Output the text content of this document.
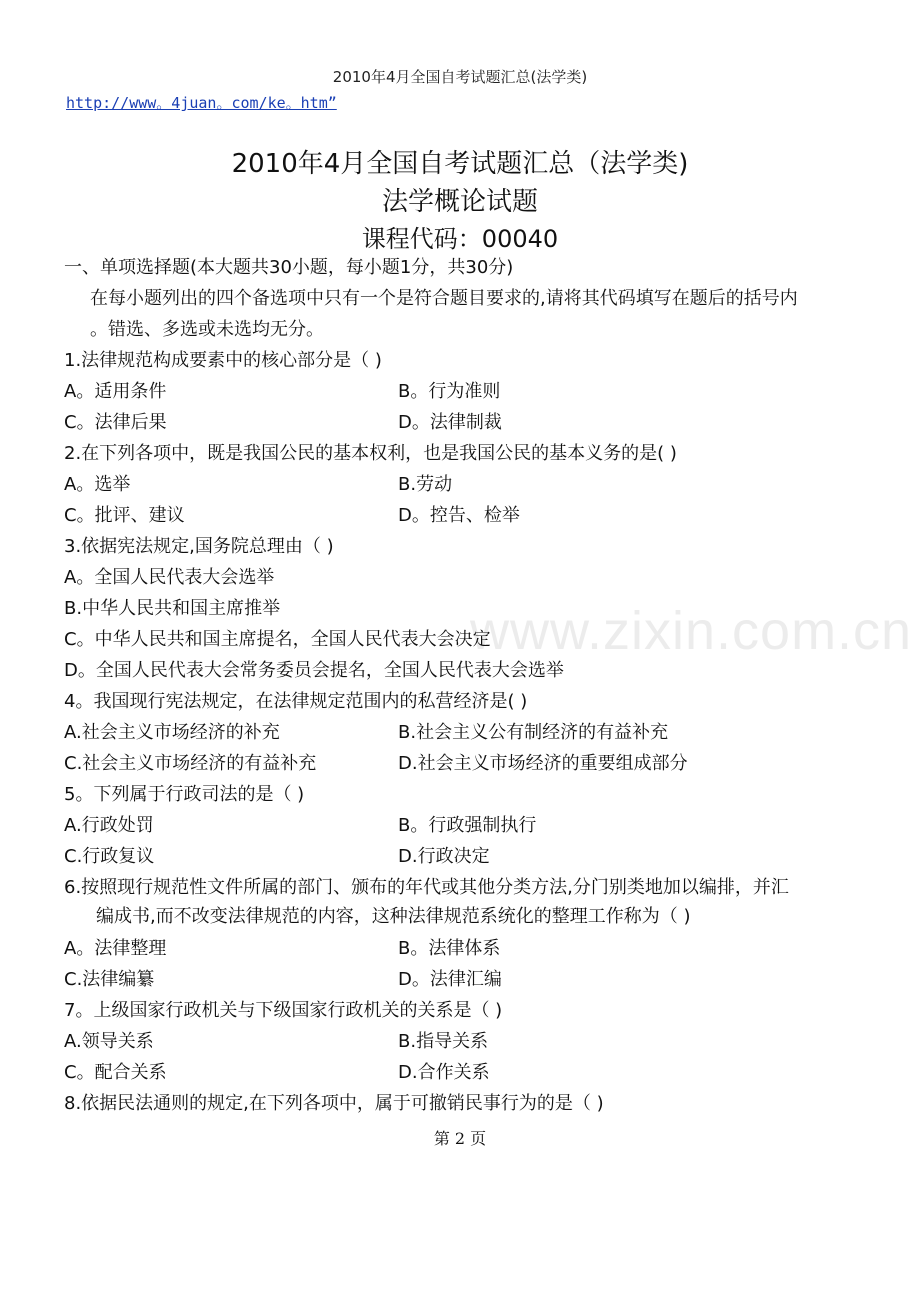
2010年4月全国自考试题汇总(法学类)
http://www。4juan。com/ke。htm”
www.zixin.com.cn
2010年4月全国自考试题汇总（法学类)
法学概论试题
课程代码：00040
一、单项选择题(本大题共30小题，每小题1分，共30分)
在每小题列出的四个备选项中只有一个是符合题目要求的,请将其代码填写在题后的括号内
。错选、多选或未选均无分。
1.法律规范构成要素中的核心部分是（ )
A。适用条件	B。行为准则
C。法律后果	D。法律制裁
2.在下列各项中，既是我国公民的基本权利，也是我国公民的基本义务的是( )
A。选举	B.劳动
C。批评、建议	D。控告、检举
3.依据宪法规定,国务院总理由（ )
A。全国人民代表大会选举
B.中华人民共和国主席推举
C。中华人民共和国主席提名，全国人民代表大会决定
D。全国人民代表大会常务委员会提名，全国人民代表大会选举
4。我国现行宪法规定，在法律规定范围内的私营经济是( )
A.社会主义市场经济的补充	B.社会主义公有制经济的有益补充
C.社会主义市场经济的有益补充	D.社会主义市场经济的重要组成部分
5。下列属于行政司法的是（ )
A.行政处罚	B。行政强制执行
C.行政复议	D.行政决定
6.按照现行规范性文件所属的部门、颁布的年代或其他分类方法,分门别类地加以编排，并汇
编成书,而不改变法律规范的内容，这种法律规范系统化的整理工作称为（ )
A。法律整理	B。法律体系
C.法律编纂	D。法律汇编
7。上级国家行政机关与下级国家行政机关的关系是（ )
A.领导关系	B.指导关系
C。配合关系	D.合作关系
8.依据民法通则的规定,在下列各项中，属于可撤销民事行为的是（ )
第 2 页
